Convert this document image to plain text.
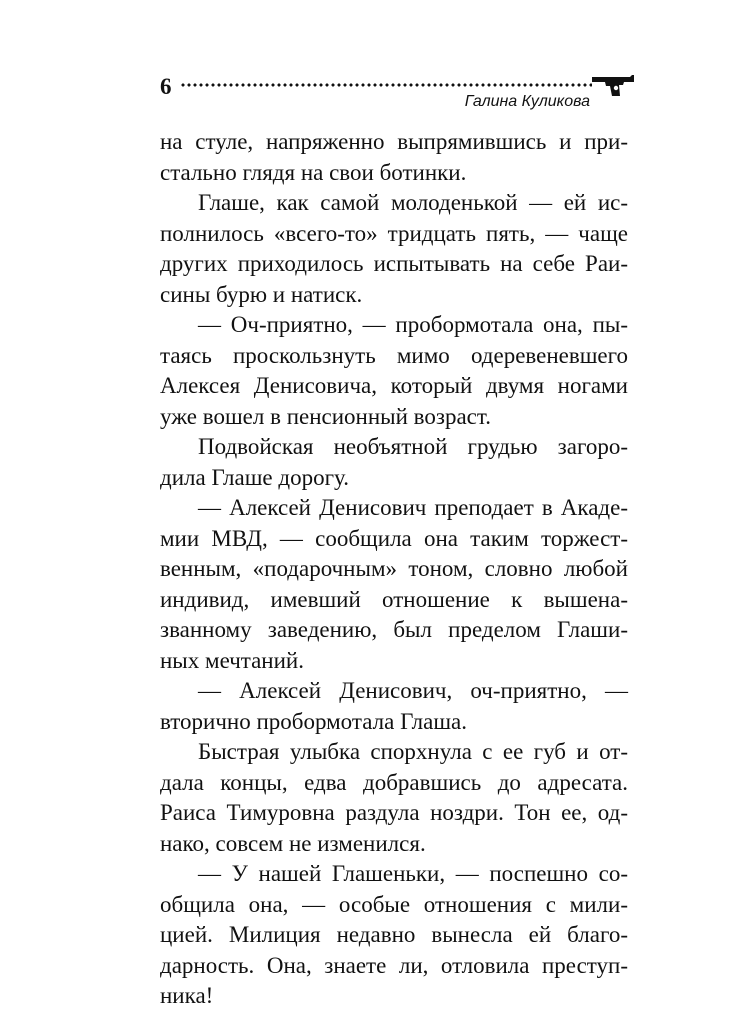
6
Галина Куликова

на стуле, напряженно выпрямившись и при-

стально глядя на свои ботинки.

Глаше, как самой молоденькой — ей ис-

полнилось «всего-то» тридцать пять, — чаще

других приходилось испытывать на себе Раи-

сины бурю и натиск.

— Оч-приятно, — пробормотала она, пы-

таясь проскользнуть мимо одеревеневшего

Алексея Денисовича, который двумя ногами

уже вошел в пенсионный возраст.

Подвойская необъятной грудью загоро-

дила Глаше дорогу.

— Алексей Денисович преподает в Акаде-

мии МВД, — сообщила она таким торжест-

венным, «подарочным» тоном, словно любой

индивид, имевший отношение к вышена-

званному заведению, был пределом Глаши-

ных мечтаний.

— Алексей Денисович, оч-приятно, —

вторично пробормотала Глаша.

Быстрая улыбка спорхнула с ее губ и от-

дала концы, едва добравшись до адресата.

Раиса Тимуровна раздула ноздри. Тон ее, од-

нако, совсем не изменился.

— У нашей Глашеньки, — поспешно со-

общила она, — особые отношения с мили-

цией. Милиция недавно вынесла ей благо-

дарность. Она, знаете ли, отловила преступ-

ника!
